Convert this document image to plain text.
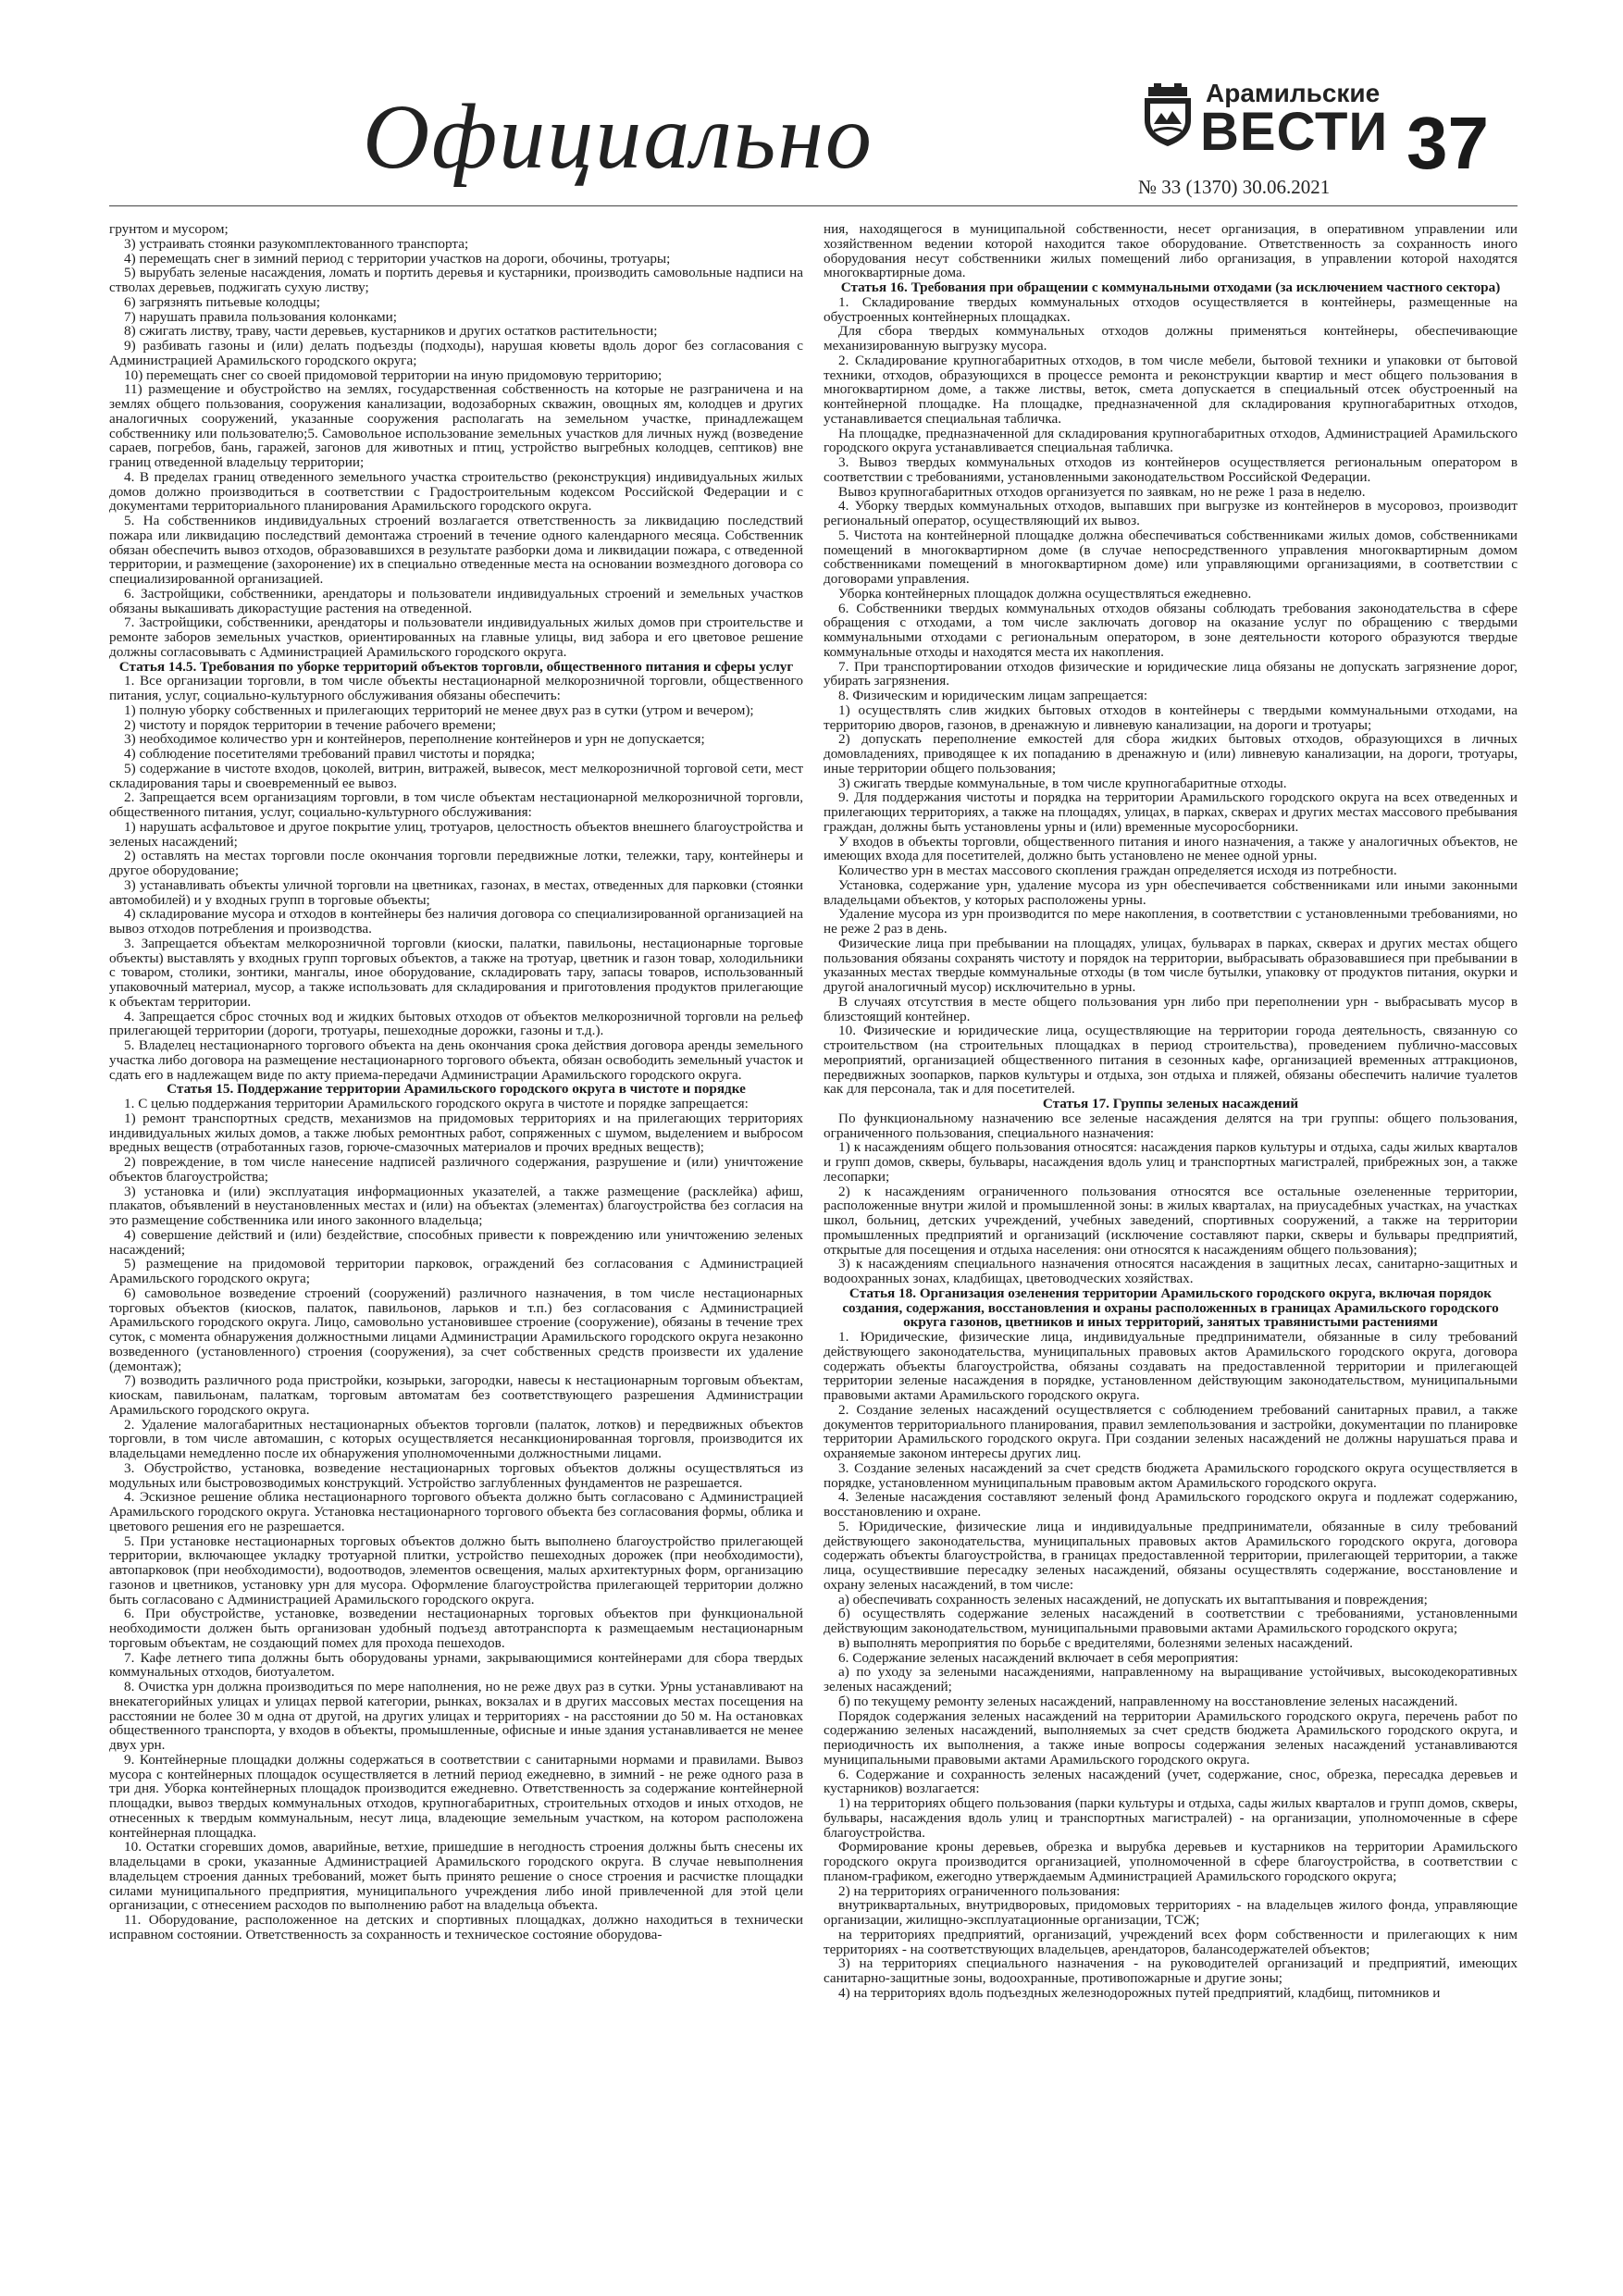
Официально	Арамильские
ВЕСТИ 37
№ 33 (1370) 30.06.2021

грунтом и мусором;

3) устраивать стоянки разукомплектованного транспорта;

4) перемещать снег в зимний период с территории участков на дороги, обочины, тротуары;

5) вырубать зеленые насаждения, ломать и портить деревья и кустарники, производить самовольные надписи на стволах деревьев, поджигать сухую листву;

6) загрязнять питьевые колодцы;

7) нарушать правила пользования колонками;

8) сжигать листву, траву, части деревьев, кустарников и других остатков растительности;

9) разбивать газоны и (или) делать подъезды (подходы), нарушая кюветы вдоль дорог без согласования с Администрацией Арамильского городского округа;

10) перемещать снег со своей придомовой территории на иную придомовую территорию;

11) размещение и обустройство на землях, государственная собственность на которые не разграничена и на землях общего пользования, сооружения канализации, водозаборных скважин, овощных ям, колодцев и других аналогичных сооружений, указанные сооружения располагать на земельном участке, принадлежащем собственнику или пользователю;5. Самовольное использование земельных участков для личных нужд (возведение сараев, погребов, бань, гаражей, загонов для животных и птиц, устройство выгребных колодцев, септиков) вне границ отведенной владельцу территории;

4. В пределах границ отведенного земельного участка строительство (реконструкция) индивидуальных жилых домов должно производиться в соответствии с Градостроительным кодексом Российской Федерации и с документами территориального планирования Арамильского городского округа.

5. На собственников индивидуальных строений возлагается ответственность за ликвидацию последствий пожара или ликвидацию последствий демонтажа строений в течение одного календарного месяца. Собственник обязан обеспечить вывоз отходов, образовавшихся в результате разборки дома и ликвидации пожара, с отведенной территории, и размещение (захоронение) их в специально отведенные места на основании возмездного договора со специализированной организацией.

6. Застройщики, собственники, арендаторы и пользователи индивидуальных строений и земельных участков обязаны выкашивать дикорастущие растения на отведенной.

7. Застройщики, собственники, арендаторы и пользователи индивидуальных жилых домов при строительстве и ремонте заборов земельных участков, ориентированных на главные улицы, вид забора и его цветовое решение должны согласовывать с Администрацией Арамильского городского округа.

Статья 14.5. Требования по уборке территорий объектов торговли, общественного питания и сферы услуг

1. Все организации торговли, в том числе объекты нестационарной мелкорозничной торговли, общественного питания, услуг, социально-культурного обслуживания обязаны обеспечить:

1) полную уборку собственных и прилегающих территорий не менее двух раз в сутки (утром и вечером);

2) чистоту и порядок территории в течение рабочего времени;

3) необходимое количество урн и контейнеров, переполнение контейнеров и урн не допускается;

4) соблюдение посетителями требований правил чистоты и порядка;

5) содержание в чистоте входов, цоколей, витрин, витражей, вывесок, мест мелкорозничной торговой сети, мест складирования тары и своевременный ее вывоз.

2. Запрещается всем организациям торговли, в том числе объектам нестационарной мелкорозничной торговли, общественного питания, услуг, социально-культурного обслуживания:

1) нарушать асфальтовое и другое покрытие улиц, тротуаров, целостность объектов внешнего благоустройства и зеленых насаждений;

2) оставлять на местах торговли после окончания торговли передвижные лотки, тележки, тару, контейнеры и другое оборудование;

3) устанавливать объекты уличной торговли на цветниках, газонах, в местах, отведенных для парковки (стоянки автомобилей) и у входных групп в торговые объекты;

4) складирование мусора и отходов в контейнеры без наличия договора со специализированной организацией на вывоз отходов потребления и производства.

3. Запрещается объектам мелкорозничной торговли (киоски, палатки, павильоны, нестационарные торговые объекты) выставлять у входных групп торговых объектов, а также на тротуар, цветник и газон товар, холодильники с товаром, столики, зонтики, мангалы, иное оборудование, складировать тару, запасы товаров, использованный упаковочный материал, мусор, а также использовать для складирования и приготовления продуктов прилегающие к объектам территории.

4. Запрещается сброс сточных вод и жидких бытовых отходов от объектов мелкорозничной торговли на рельеф прилегающей территории (дороги, тротуары, пешеходные дорожки, газоны и т.д.).

5. Владелец нестационарного торгового объекта на день окончания срока действия договора аренды земельного участка либо договора на размещение нестационарного торгового объекта, обязан освободить земельный участок и сдать его в надлежащем виде по акту приема-передачи Администрации Арамильского городского округа.

Статья 15. Поддержание территории Арамильского городского округа в чистоте и порядке

1. С целью поддержания территории Арамильского городского округа в чистоте и порядке запрещается:

1) ремонт транспортных средств, механизмов на придомовых территориях и на прилегающих территориях индивидуальных жилых домов, а также любых ремонтных работ, сопряженных с шумом, выделением и выбросом вредных веществ (отработанных газов, горюче-смазочных материалов и прочих вредных веществ);

2) повреждение, в том числе нанесение надписей различного содержания, разрушение и (или) уничтожение объектов благоустройства;

3) установка и (или) эксплуатация информационных указателей, а также размещение (расклейка) афиш, плакатов, объявлений в неустановленных местах и (или) на объектах (элементах) благоустройства без согласия на это размещение собственника или иного законного владельца;

4) совершение действий и (или) бездействие, способных привести к повреждению или уничтожению зеленых насаждений;

5) размещение на придомовой территории парковок, ограждений без согласования с Администрацией Арамильского городского округа;

6) самовольное возведение строений (сооружений) различного назначения, в том числе нестационарных торговых объектов (киосков, палаток, павильонов, ларьков и т.п.) без согласования с Администрацией Арамильского городского округа. Лицо, самовольно установившее строение (сооружение), обязаны в течение трех суток, с момента обнаружения должностными лицами Администрации Арамильского городского округа незаконно возведенного (установленного) строения (сооружения), за счет собственных средств произвести их удаление (демонтаж);

7) возводить различного рода пристройки, козырьки, загородки, навесы к нестационарным торговым объектам, киоскам, павильонам, палаткам, торговым автоматам без соответствующего разрешения Администрации Арамильского городского округа.

2. Удаление малогабаритных нестационарных объектов торговли (палаток, лотков) и передвижных объектов торговли, в том числе автомашин, с которых осуществляется несанкционированная торговля, производится их владельцами немедленно после их обнаружения уполномоченными должностными лицами.

3. Обустройство, установка, возведение нестационарных торговых объектов должны осуществляться из модульных или быстровозводимых конструкций. Устройство заглубленных фундаментов не разрешается.

4. Эскизное решение облика нестационарного торгового объекта должно быть согласовано с Администрацией Арамильского городского округа. Установка нестационарного торгового объекта без согласования формы, облика и цветового решения его не разрешается.

5. При установке нестационарных торговых объектов должно быть выполнено благоустройство прилегающей территории, включающее укладку тротуарной плитки, устройство пешеходных дорожек (при необходимости), автопарковок (при необходимости), водоотводов, элементов освещения, малых архитектурных форм, организацию газонов и цветников, установку урн для мусора. Оформление благоустройства прилегающей территории должно быть согласовано с Администрацией Арамильского городского округа.

6. При обустройстве, установке, возведении нестационарных торговых объектов при функциональной необходимости должен быть организован удобный подъезд автотранспорта к размещаемым нестационарным торговым объектам, не создающий помех для прохода пешеходов.

7. Кафе летнего типа должны быть оборудованы урнами, закрывающимися контейнерами для сбора твердых коммунальных отходов, биотуалетом.

8. Очистка урн должна производиться по мере наполнения, но не реже двух раз в сутки. Урны устанавливают на внекатегорийных улицах и улицах первой категории, рынках, вокзалах и в других массовых местах посещения на расстоянии не более 30 м одна от другой, на других улицах и территориях - на расстоянии до 50 м. На остановках общественного транспорта, у входов в объекты, промышленные, офисные и иные здания устанавливается не менее двух урн.

9. Контейнерные площадки должны содержаться в соответствии с санитарными нормами и правилами. Вывоз мусора с контейнерных площадок осуществляется в летний период ежедневно, в зимний - не реже одного раза в три дня. Уборка контейнерных площадок производится ежедневно. Ответственность за содержание контейнерной площадки, вывоз твердых коммунальных отходов, крупногабаритных, строительных отходов и иных отходов, не отнесенных к твердым коммунальным, несут лица, владеющие земельным участком, на котором расположена контейнерная площадка.

10. Остатки сгоревших домов, аварийные, ветхие, пришедшие в негодность строения должны быть снесены их владельцами в сроки, указанные Администрацией Арамильского городского округа. В случае невыполнения владельцем строения данных требований, может быть принято решение о сносе строения и расчистке площадки силами муниципального предприятия, муниципального учреждения либо иной привлеченной для этой цели организации, с отнесением расходов по выполнению работ на владельца объекта.

11. Оборудование, расположенное на детских и спортивных площадках, должно находиться в технически исправном состоянии. Ответственность за сохранность и техническое состояние оборудова-

ния, находящегося в муниципальной собственности, несет организация, в оперативном управлении или хозяйственном ведении которой находится такое оборудование. Ответственность за сохранность иного оборудования несут собственники жилых помещений либо организация, в управлении которой находятся многоквартирные дома.

Статья 16. Требования при обращении с коммунальными отходами (за исключением частного сектора)

1. Складирование твердых коммунальных отходов осуществляется в контейнеры, размещенные на обустроенных контейнерных площадках.

Для сбора твердых коммунальных отходов должны применяться контейнеры, обеспечивающие механизированную выгрузку мусора.

2. Складирование крупногабаритных отходов, в том числе мебели, бытовой техники и упаковки от бытовой техники, отходов, образующихся в процессе ремонта и реконструкции квартир и мест общего пользования в многоквартирном доме, а также листвы, веток, смета допускается в специальный отсек обустроенный на контейнерной площадке. На площадке, предназначенной для складирования крупногабаритных отходов, устанавливается специальная табличка.

На площадке, предназначенной для складирования крупногабаритных отходов, Администрацией Арамильского городского округа устанавливается специальная табличка.

3. Вывоз твердых коммунальных отходов из контейнеров осуществляется региональным оператором в соответствии с требованиями, установленными законодательством Российской Федерации.

Вывоз крупногабаритных отходов организуется по заявкам, но не реже 1 раза в неделю.

4. Уборку твердых коммунальных отходов, выпавших при выгрузке из контейнеров в мусоровоз, производит региональный оператор, осуществляющий их вывоз.

5. Чистота на контейнерной площадке должна обеспечиваться собственниками жилых домов, собственниками помещений в многоквартирном доме (в случае непосредственного управления многоквартирным домом собственниками помещений в многоквартирном доме) или управляющими организациями, в соответствии с договорами управления.

Уборка контейнерных площадок должна осуществляться ежедневно.

6. Собственники твердых коммунальных отходов обязаны соблюдать требования законодательства в сфере обращения с отходами, а том числе заключать договор на оказание услуг по обращению с твердыми коммунальными отходами с региональным оператором, в зоне деятельности которого образуются твердые коммунальные отходы и находятся места их накопления.

7. При транспортировании отходов физические и юридические лица обязаны не допускать загрязнение дорог, убирать загрязнения.

8. Физическим и юридическим лицам запрещается:

1) осуществлять слив жидких бытовых отходов в контейнеры с твердыми коммунальными отходами, на территорию дворов, газонов, в дренажную и ливневую канализации, на дороги и тротуары;

2) допускать переполнение емкостей для сбора жидких бытовых отходов, образующихся в личных домовладениях, приводящее к их попаданию в дренажную и (или) ливневую канализации, на дороги, тротуары, иные территории общего пользования;

3) сжигать твердые коммунальные, в том числе крупногабаритные отходы.

9. Для поддержания чистоты и порядка на территории Арамильского городского округа на всех отведенных и прилегающих территориях, а также на площадях, улицах, в парках, скверах и других местах массового пребывания граждан, должны быть установлены урны и (или) временные мусоросборники.

У входов в объекты торговли, общественного питания и иного назначения, а также у аналогичных объектов, не имеющих входа для посетителей, должно быть установлено не менее одной урны.

Количество урн в местах массового скопления граждан определяется исходя из потребности.

Установка, содержание урн, удаление мусора из урн обеспечивается собственниками или иными законными владельцами объектов, у которых расположены урны.

Удаление мусора из урн производится по мере накопления, в соответствии с установленными требованиями, но не реже 2 раз в день.

Физические лица при пребывании на площадях, улицах, бульварах в парках, скверах и других местах общего пользования обязаны сохранять чистоту и порядок на территории, выбрасывать образовавшиеся при пребывании в указанных местах твердые коммунальные отходы (в том числе бутылки, упаковку от продуктов питания, окурки и другой аналогичный мусор) исключительно в урны.

В случаях отсутствия в месте общего пользования урн либо при переполнении урн - выбрасывать мусор в близстоящий контейнер.

10. Физические и юридические лица, осуществляющие на территории города деятельность, связанную со строительством (на строительных площадках в период строительства), проведением публично-массовых мероприятий, организацией общественного питания в сезонных кафе, организацией временных аттракционов, передвижных зоопарков, парков культуры и отдыха, зон отдыха и пляжей, обязаны обеспечить наличие туалетов как для персонала, так и для посетителей.

Статья 17. Группы зеленых насаждений

По функциональному назначению все зеленые насаждения делятся на три группы: общего пользования, ограниченного пользования, специального назначения:

1) к насаждениям общего пользования относятся: насаждения парков культуры и отдыха, сады жилых кварталов и групп домов, скверы, бульвары, насаждения вдоль улиц и транспортных магистралей, прибрежных зон, а также лесопарки;

2) к насаждениям ограниченного пользования относятся все остальные озелененные территории, расположенные внутри жилой и промышленной зоны: в жилых кварталах, на приусадебных участках, на участках школ, больниц, детских учреждений, учебных заведений, спортивных сооружений, а также на территории промышленных предприятий и организаций (исключение составляют парки, скверы и бульвары предприятий, открытые для посещения и отдыха населения: они относятся к насаждениям общего пользования);

3) к насаждениям специального назначения относятся насаждения в защитных лесах, санитарно-защитных и водоохранных зонах, кладбищах, цветоводческих хозяйствах.

Статья 18. Организация озеленения территории Арамильского городского округа, включая порядок создания, содержания, восстановления и охраны расположенных в границах Арамильского городского округа газонов, цветников и иных территорий, занятых травянистыми растениями

1. Юридические, физические лица, индивидуальные предприниматели, обязанные в силу требований действующего законодательства, муниципальных правовых актов Арамильского городского округа, договора содержать объекты благоустройства, обязаны создавать на предоставленной территории и прилегающей территории зеленые насаждения в порядке, установленном действующим законодательством, муниципальными правовыми актами Арамильского городского округа.

2. Создание зеленых насаждений осуществляется с соблюдением требований санитарных правил, а также документов территориального планирования, правил землепользования и застройки, документации по планировке территории Арамильского городского округа. При создании зеленых насаждений не должны нарушаться права и охраняемые законом интересы других лиц.

3. Создание зеленых насаждений за счет средств бюджета Арамильского городского округа осуществляется в порядке, установленном муниципальным правовым актом Арамильского городского округа.

4. Зеленые насаждения составляют зеленый фонд Арамильского городского округа и подлежат содержанию, восстановлению и охране.

5. Юридические, физические лица и индивидуальные предприниматели, обязанные в силу требований действующего законодательства, муниципальных правовых актов Арамильского городского округа, договора содержать объекты благоустройства, в границах предоставленной территории, прилегающей территории, а также лица, осуществившие пересадку зеленых насаждений, обязаны осуществлять содержание, восстановление и охрану зеленых насаждений, в том числе:

а) обеспечивать сохранность зеленых насаждений, не допускать их вытаптывания и повреждения;

б) осуществлять содержание зеленых насаждений в соответствии с требованиями, установленными действующим законодательством, муниципальными правовыми актами Арамильского городского округа;

в) выполнять мероприятия по борьбе с вредителями, болезнями зеленых насаждений.

6. Содержание зеленых насаждений включает в себя мероприятия:

а) по уходу за зелеными насаждениями, направленному на выращивание устойчивых, высокодекоративных зеленых насаждений;

б) по текущему ремонту зеленых насаждений, направленному на восстановление зеленых насаждений.

Порядок содержания зеленых насаждений на территории Арамильского городского округа, перечень работ по содержанию зеленых насаждений, выполняемых за счет средств бюджета Арамильского городского округа, и периодичность их выполнения, а также иные вопросы содержания зеленых насаждений устанавливаются муниципальными правовыми актами Арамильского городского округа.

6. Содержание и сохранность зеленых насаждений (учет, содержание, снос, обрезка, пересадка деревьев и кустарников) возлагается:

1) на территориях общего пользования (парки культуры и отдыха, сады жилых кварталов и групп домов, скверы, бульвары, насаждения вдоль улиц и транспортных магистралей) - на организации, уполномоченные в сфере благоустройства.

Формирование кроны деревьев, обрезка и вырубка деревьев и кустарников на территории Арамильского городского округа производится организацией, уполномоченной в сфере благоустройства, в соответствии с планом-графиком, ежегодно утверждаемым Администрацией Арамильского городского округа;

2) на территориях ограниченного пользования:

внутриквартальных, внутридворовых, придомовых территориях - на владельцев жилого фонда, управляющие организации, жилищно-эксплуатационные организации, ТСЖ;

на территориях предприятий, организаций, учреждений всех форм собственности и прилегающих к ним территориях - на соответствующих владельцев, арендаторов, балансодержателей объектов;

3) на территориях специального назначения - на руководителей организаций и предприятий, имеющих санитарно-защитные зоны, водоохранные, противопожарные и другие зоны;

4) на территориях вдоль подъездных железнодорожных путей предприятий, кладбищ, питомников и
